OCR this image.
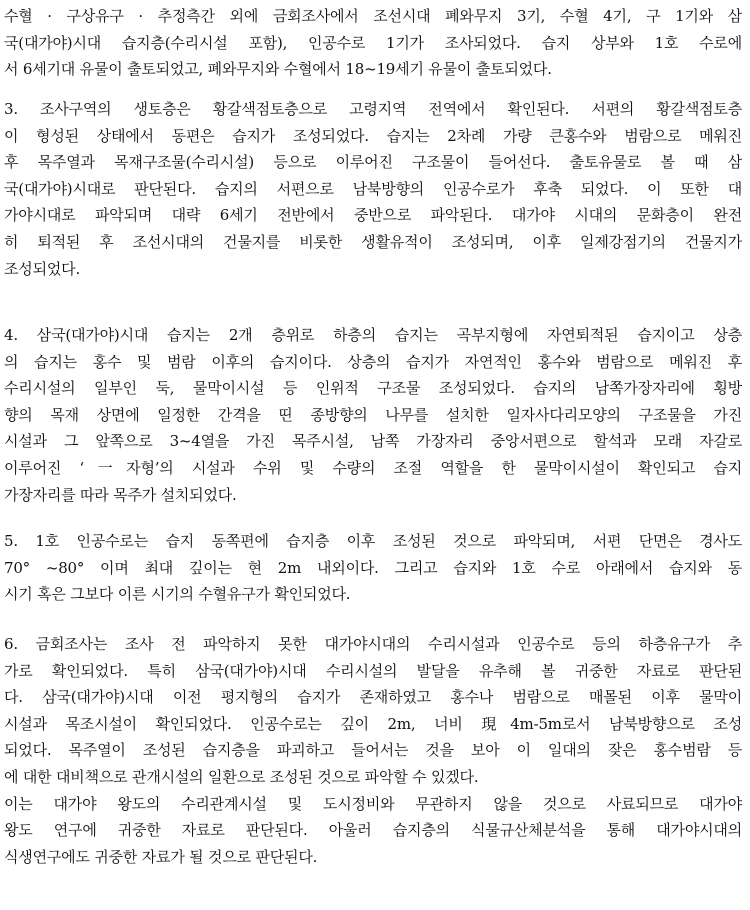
수혈 · 구상유구 · 추정측간 외에 금회조사에서 조선시대 폐와무지 3기, 수혈 4기, 구 1기와 삼
국(대가야)시대 습지층(수리시설 포함), 인공수로 1기가 조사되었다. 습지 상부와 1호 수로에
서 6세기대 유물이 출토되었고, 폐와무지와 수혈에서 18~19세기 유물이 출토되었다.
3. 조사구역의 생토층은 황갈색점토층으로 고령지역 전역에서 확인된다. 서편의 황갈색점토층
이 형성된 상태에서 동편은 습지가 조성되었다. 습지는 2차례 가량 큰홍수와 범람으로 메워진
후 목주열과 목재구조물(수리시설) 등으로 이루어진 구조물이 들어선다. 출토유물로 볼 때 삼
국(대가야)시대로 판단된다. 습지의 서편으로 남북방향의 인공수로가 후축 되었다. 이 또한 대
가야시대로 파악되며 대략 6세기 전반에서 중반으로 파악된다. 대가야 시대의 문화층이 완전
히 퇴적된 후 조선시대의 건물지를 비롯한 생활유적이 조성되며, 이후 일제강점기의 건물지가
조성되었다.
4. 삼국(대가야)시대 습지는 2개 층위로 하층의 습지는 곡부지형에 자연퇴적된 습지이고 상층
의 습지는 홍수 및 범람 이후의 습지이다. 상층의 습지가 자연적인 홍수와 범람으로 메워진 후
수리시설의 일부인 둑, 물막이시설 등 인위적 구조물 조성되었다. 습지의 남쪽가장자리에 횡방
향의 목재 상면에 일정한 간격을 띤 종방향의 나무를 설치한 일자사다리모양의 구조물을 가진
시설과 그 앞쪽으로 3~4열을 가진 목주시설, 남쪽 가장자리 중앙서편으로 할석과 모래 자갈로
이루어진 ‘一자형’의 시설과 수위 및 수량의 조절 역할을 한 물막이시설이 확인되고 습지
가장자리를 따라 목주가 설치되었다.
5. 1호 인공수로는 습지 동쪽편에 습지층 이후 조성된 것으로 파악되며, 서편 단면은 경사도
70° ~80° 이며 최대 깊이는 현 2m 내외이다. 그리고 습지와 1호 수로 아래에서 습지와 동
시기 혹은 그보다 이른 시기의 수혈유구가 확인되었다.
6. 금회조사는 조사 전 파악하지 못한 대가야시대의 수리시설과 인공수로 등의 하층유구가 추
가로 확인되었다. 특히 삼국(대가야)시대 수리시설의 발달을 유추해 볼 귀중한 자료로 판단된
다. 삼국(대가야)시대 이전 평지형의 습지가 존재하였고 홍수나 범람으로 매몰된 이후 물막이
시설과 목조시설이 확인되었다. 인공수로는 깊이 2m, 너비 現4m-5m로서 남북방향으로 조성
되었다. 목주열이 조성된 습지층을 파괴하고 들어서는 것을 보아 이 일대의 잦은 홍수범람 등
에 대한 대비책으로 관개시설의 일환으로 조성된 것으로 파악할 수 있겠다.
이는 대가야 왕도의 수리관계시설 및 도시정비와 무관하지 않을 것으로 사료되므로 대가야
왕도 연구에 귀중한 자료로 판단된다. 아울러 습지층의 식물규산체분석을 통해 대가야시대의
식생연구에도 귀중한 자료가 될 것으로 판단된다.
